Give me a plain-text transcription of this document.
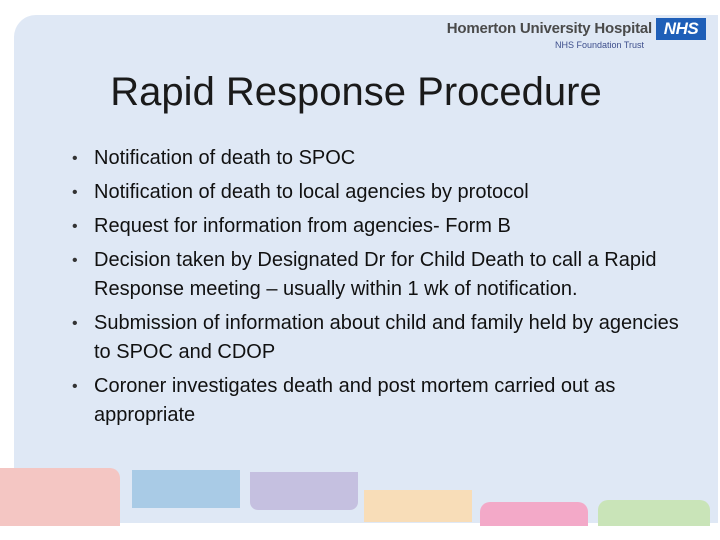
Homerton University Hospital
NHS Foundation Trust
NHS
Rapid Response Procedure
• Notification of death to SPOC
• Notification of death to local agencies by protocol
• Request for information from agencies- Form B
• Decision taken by Designated Dr for Child Death to call a Rapid Response meeting – usually within 1 wk of notification.
• Submission of information about child and family held by agencies to SPOC and CDOP
• Coroner investigates death and post mortem carried out as appropriate
